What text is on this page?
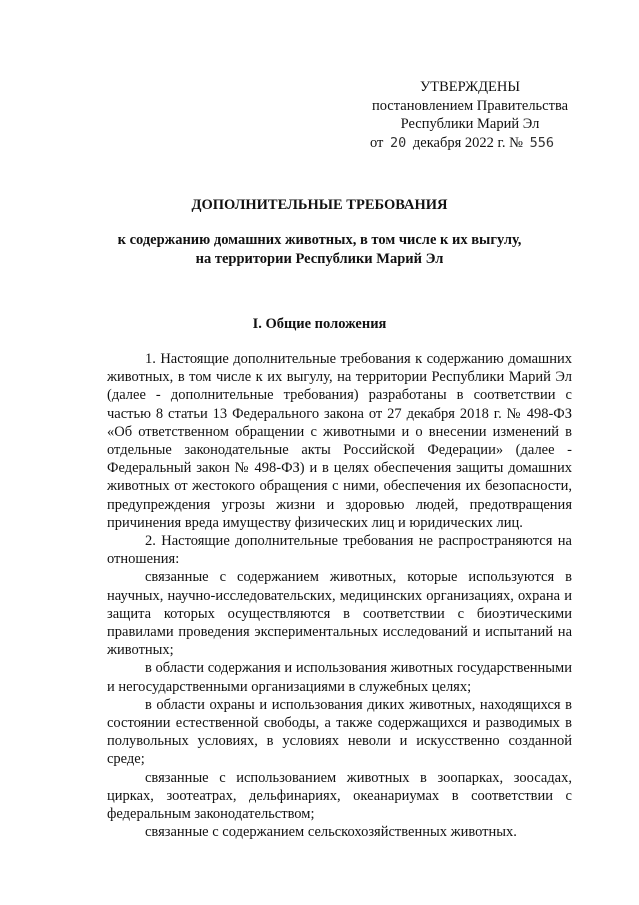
УТВЕРЖДЕНЫ
постановлением Правительства
Республики Марий Эл
от 20 декабря 2022 г. № 556
ДОПОЛНИТЕЛЬНЫЕ ТРЕБОВАНИЯ
к содержанию домашних животных, в том числе к их выгулу,
на территории Республики Марий Эл
I. Общие положения

1. Настоящие дополнительные требования к содержанию домашних животных, в том числе к их выгулу, на территории Республики Марий Эл (далее - дополнительные требования) разработаны в соответствии с частью 8 статьи 13 Федерального закона от 27 декабря 2018 г. № 498-ФЗ «Об ответственном обращении с животными и о внесении изменений в отдельные законодательные акты Российской Федерации» (далее - Федеральный закон № 498-ФЗ) и в целях обеспечения защиты домашних животных от жестокого обращения с ними, обеспечения их безопасности, предупреждения угрозы жизни и здоровью людей, предотвращения причинения вреда имуществу физических лиц и юридических лиц.

2. Настоящие дополнительные требования не распространяются на отношения:

связанные с содержанием животных, которые используются в научных, научно-исследовательских, медицинских организациях, охрана и защита которых осуществляются в соответствии с биоэтическими правилами проведения экспериментальных исследований и испытаний на животных;

в области содержания и использования животных государственными и негосударственными организациями в служебных целях;

в области охраны и использования диких животных, находящихся в состоянии естественной свободы, а также содержащихся и разводимых в полувольных условиях, в условиях неволи и искусственно созданной среде;

связанные с использованием животных в зоопарках, зоосадах, цирках, зоотеатрах, дельфинариях, океанариумах в соответствии с федеральным законодательством;

связанные с содержанием сельскохозяйственных животных.
